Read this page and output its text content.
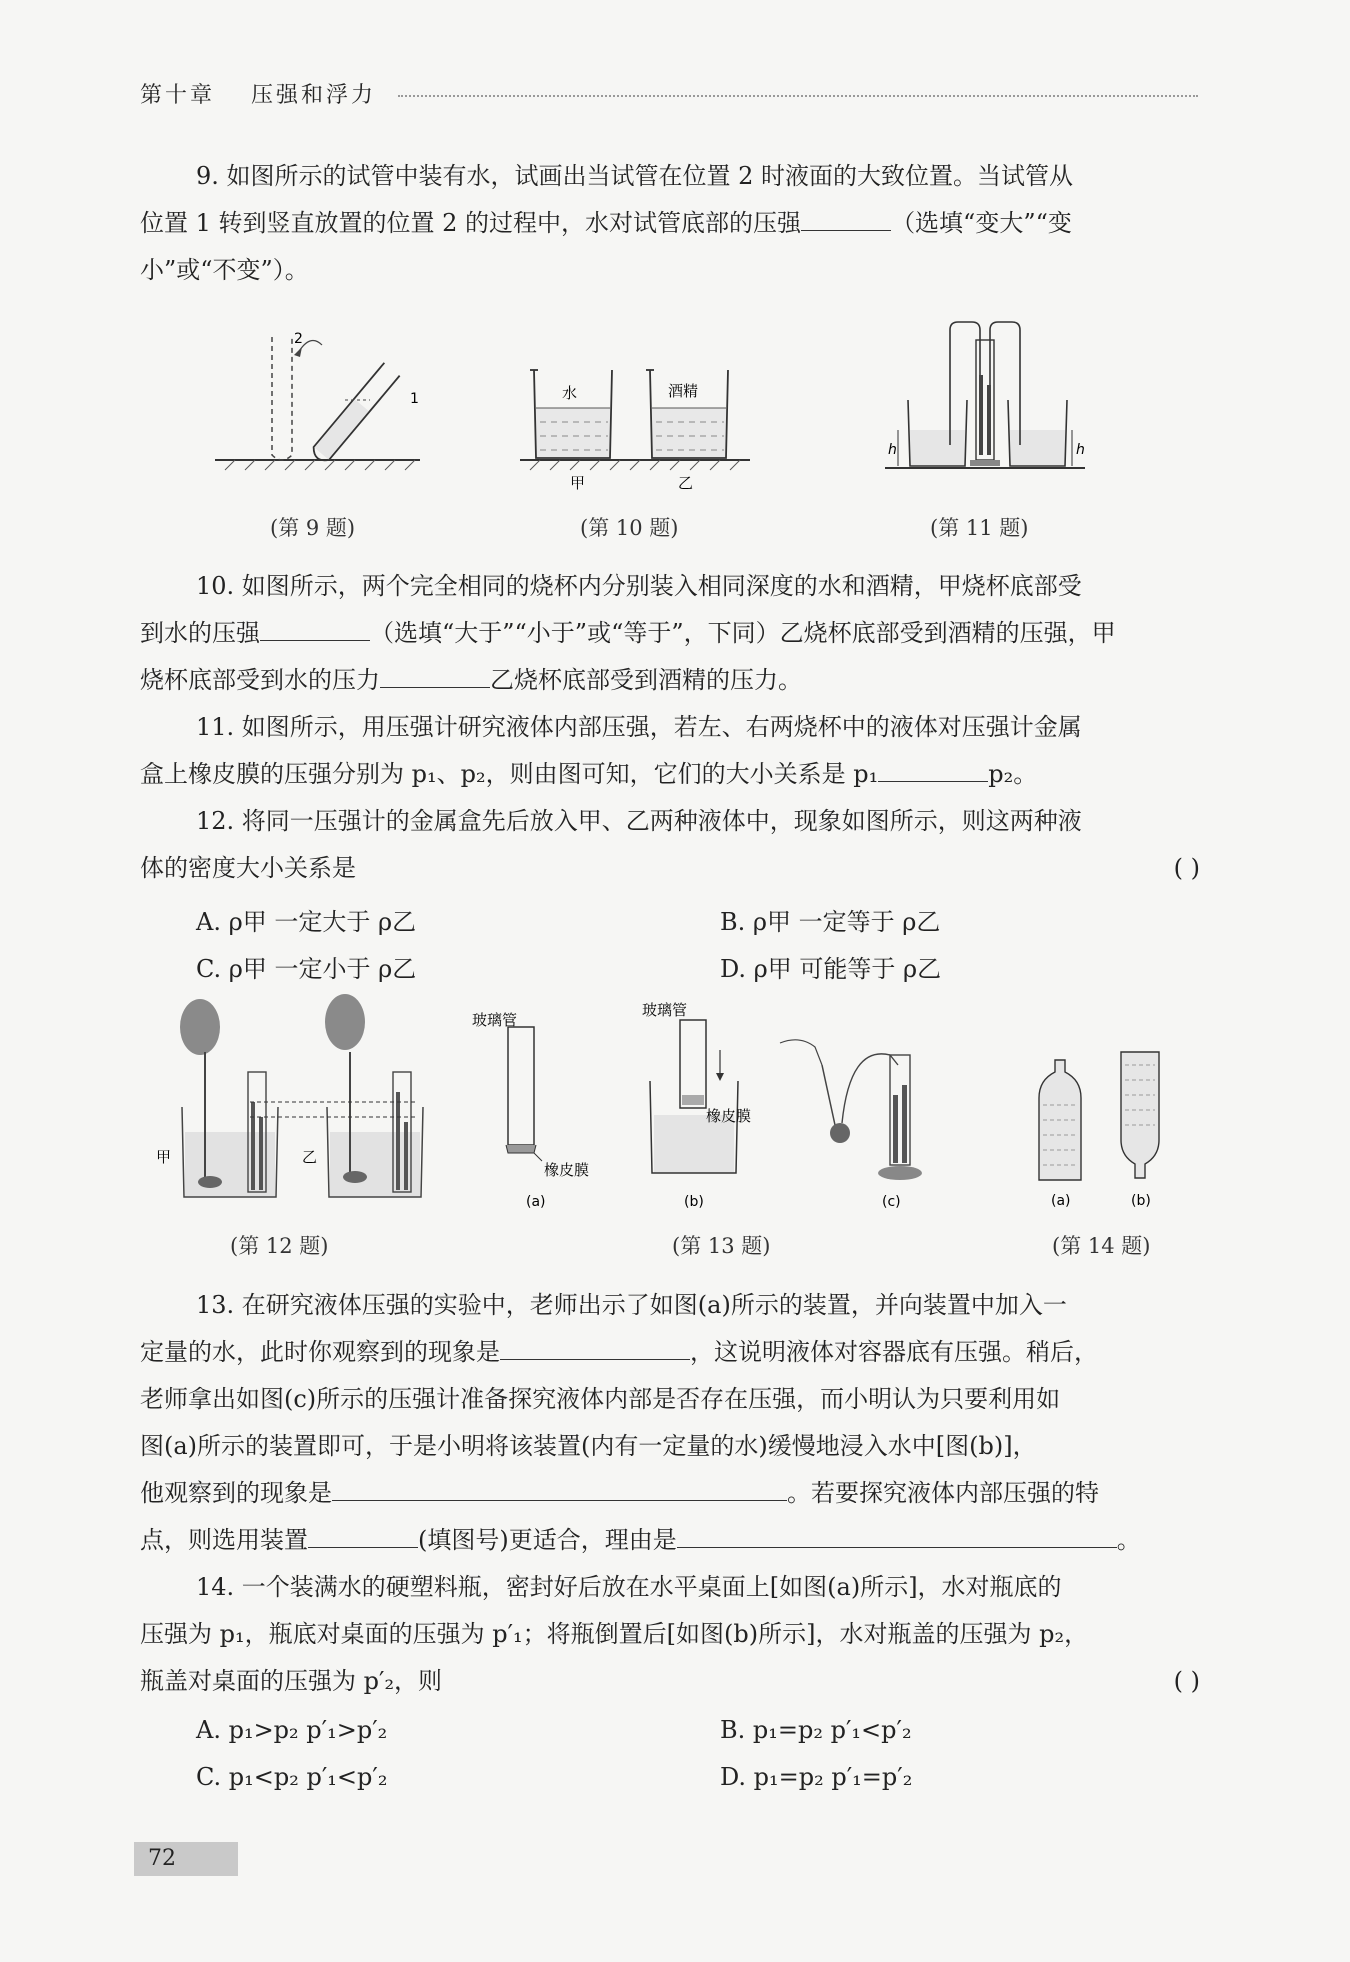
第十章 压强和浮力
9. 如图所示的试管中装有水，试画出当试管在位置 2 时液面的大致位置。当试管从
位置 1 转到竖直放置的位置 2 的过程中，水对试管底部的压强	（选填“变大”“变
小”或“不变”）。
2
1
(第 9 题)
水	酒精
甲	乙
(第 10 题)
h	h
(第 11 题)
10. 如图所示，两个完全相同的烧杯内分别装入相同深度的水和酒精，甲烧杯底部受
到水的压强	（选填“大于”“小于”或“等于”，下同）乙烧杯底部受到酒精的压强，甲
烧杯底部受到水的压力	乙烧杯底部受到酒精的压力。
11. 如图所示，用压强计研究液体内部压强，若左、右两烧杯中的液体对压强计金属
盒上橡皮膜的压强分别为 p₁、p₂，则由图可知，它们的大小关系是 p₁	p₂。
12. 将同一压强计的金属盒先后放入甲、乙两种液体中，现象如图所示，则这两种液
体的密度大小关系是	( )
A. ρ甲 一定大于 ρ乙	B. ρ甲 一定等于 ρ乙
C. ρ甲 一定小于 ρ乙	D. ρ甲 可能等于 ρ乙
甲	乙
(第 12 题)
玻璃管
橡皮膜
(a)
玻璃管
橡皮膜
(b)	(c)
(第 13 题)
(a)	(b)
(第 14 题)
13. 在研究液体压强的实验中，老师出示了如图(a)所示的装置，并向装置中加入一
定量的水，此时你观察到的现象是	，这说明液体对容器底有压强。稍后，
老师拿出如图(c)所示的压强计准备探究液体内部是否存在压强，而小明认为只要利用如
图(a)所示的装置即可，于是小明将该装置(内有一定量的水)缓慢地浸入水中[图(b)]，
他观察到的现象是	。若要探究液体内部压强的特
点，则选用装置	(填图号)更适合，理由是	。
14. 一个装满水的硬塑料瓶，密封好后放在水平桌面上[如图(a)所示]，水对瓶底的
压强为 p₁，瓶底对桌面的压强为 p′₁；将瓶倒置后[如图(b)所示]，水对瓶盖的压强为 p₂，
瓶盖对桌面的压强为 p′₂，则	( )
A. p₁>p₂ p′₁>p′₂	B. p₁=p₂ p′₁<p′₂
C. p₁<p₂ p′₁<p′₂	D. p₁=p₂ p′₁=p′₂
72
